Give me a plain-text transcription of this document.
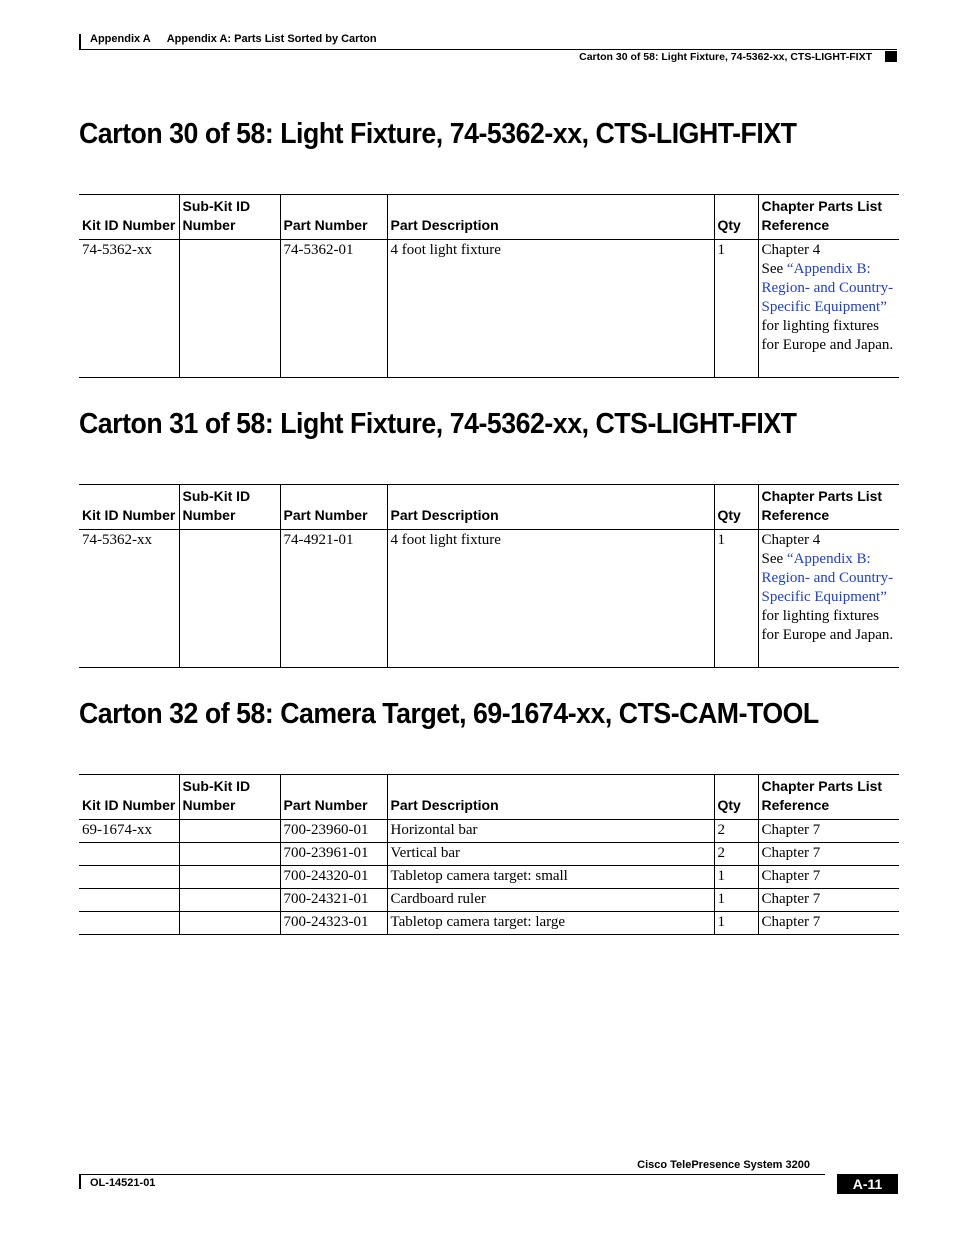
Appendix A Appendix A: Parts List Sorted by Carton
Carton 30 of 58: Light Fixture, 74-5362-xx, CTS-LIGHT-FIXT
Carton 30 of 58: Light Fixture, 74-5362-xx, CTS-LIGHT-FIXT
Kit ID Number	Sub-Kit ID
Number	Part Number	Part Description	Qty	Chapter Parts List
Reference
74-5362-xx		74-5362-01	4 foot light fixture	1	Chapter 4
See “Appendix B: Region- and Country-Specific Equipment” for lighting fixtures for Europe and Japan.
Carton 31 of 58: Light Fixture, 74-5362-xx, CTS-LIGHT-FIXT
Kit ID Number	Sub-Kit ID
Number	Part Number	Part Description	Qty	Chapter Parts List
Reference
74-5362-xx		74-4921-01	4 foot light fixture	1	Chapter 4
See “Appendix B: Region- and Country-Specific Equipment” for lighting fixtures for Europe and Japan.
Carton 32 of 58: Camera Target, 69-1674-xx, CTS-CAM-TOOL
Kit ID Number	Sub-Kit ID
Number	Part Number	Part Description	Qty	Chapter Parts List
Reference
69-1674-xx		700-23960-01	Horizontal bar	2	Chapter 7
		700-23961-01	Vertical bar	2	Chapter 7
		700-24320-01	Tabletop camera target: small	1	Chapter 7
		700-24321-01	Cardboard ruler	1	Chapter 7
		700-24323-01	Tabletop camera target: large	1	Chapter 7
Cisco TelePresence System 3200
OL-14521-01	A-11
